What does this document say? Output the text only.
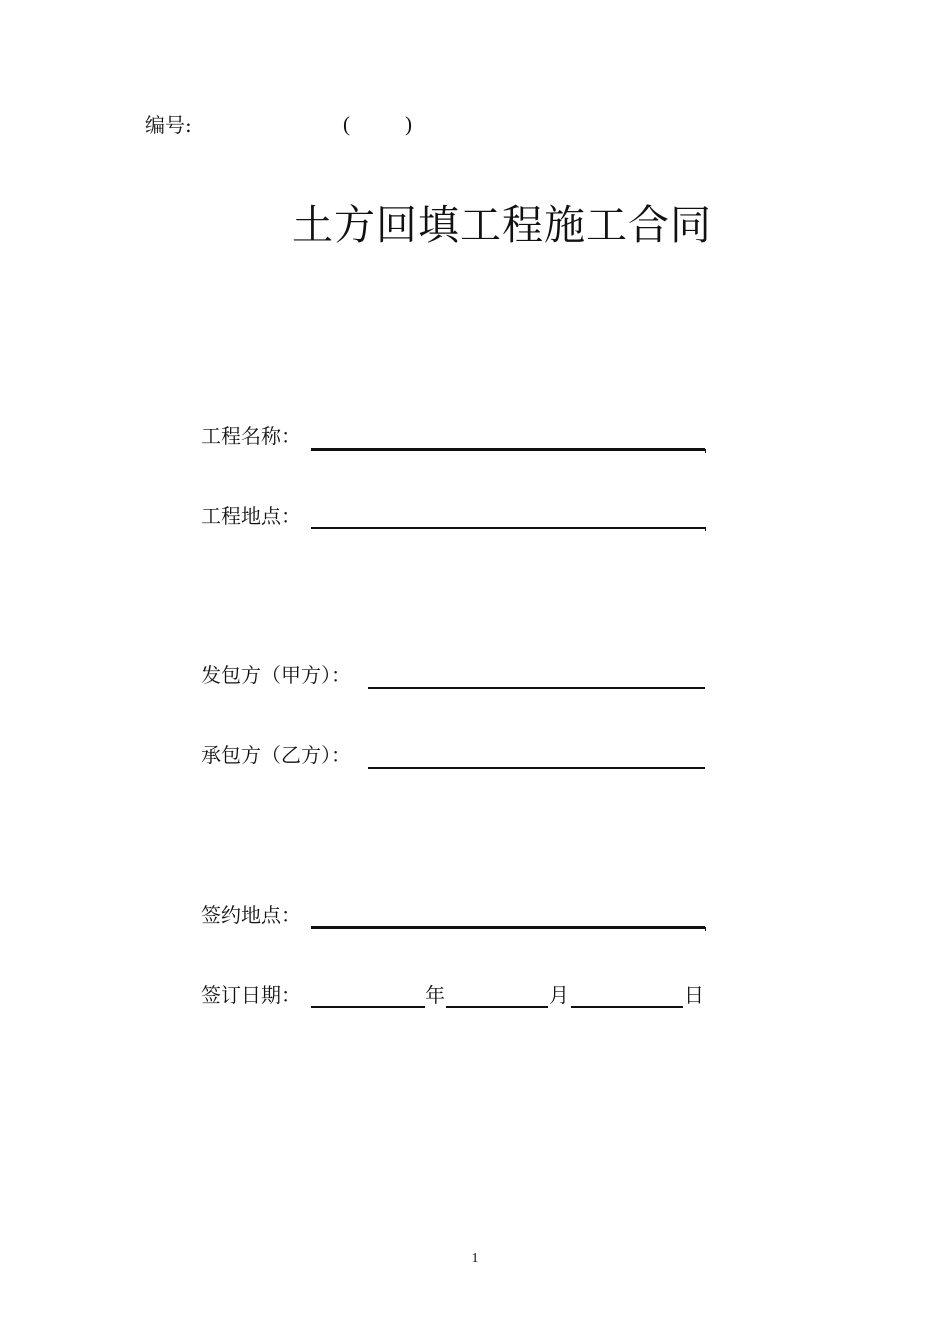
编号:	(	)
土方回填工程施工合同
工程名称：
工程地点：
发包方（甲方）：
承包方（乙方）：
签约地点：
签订日期：	年	月	日
1
